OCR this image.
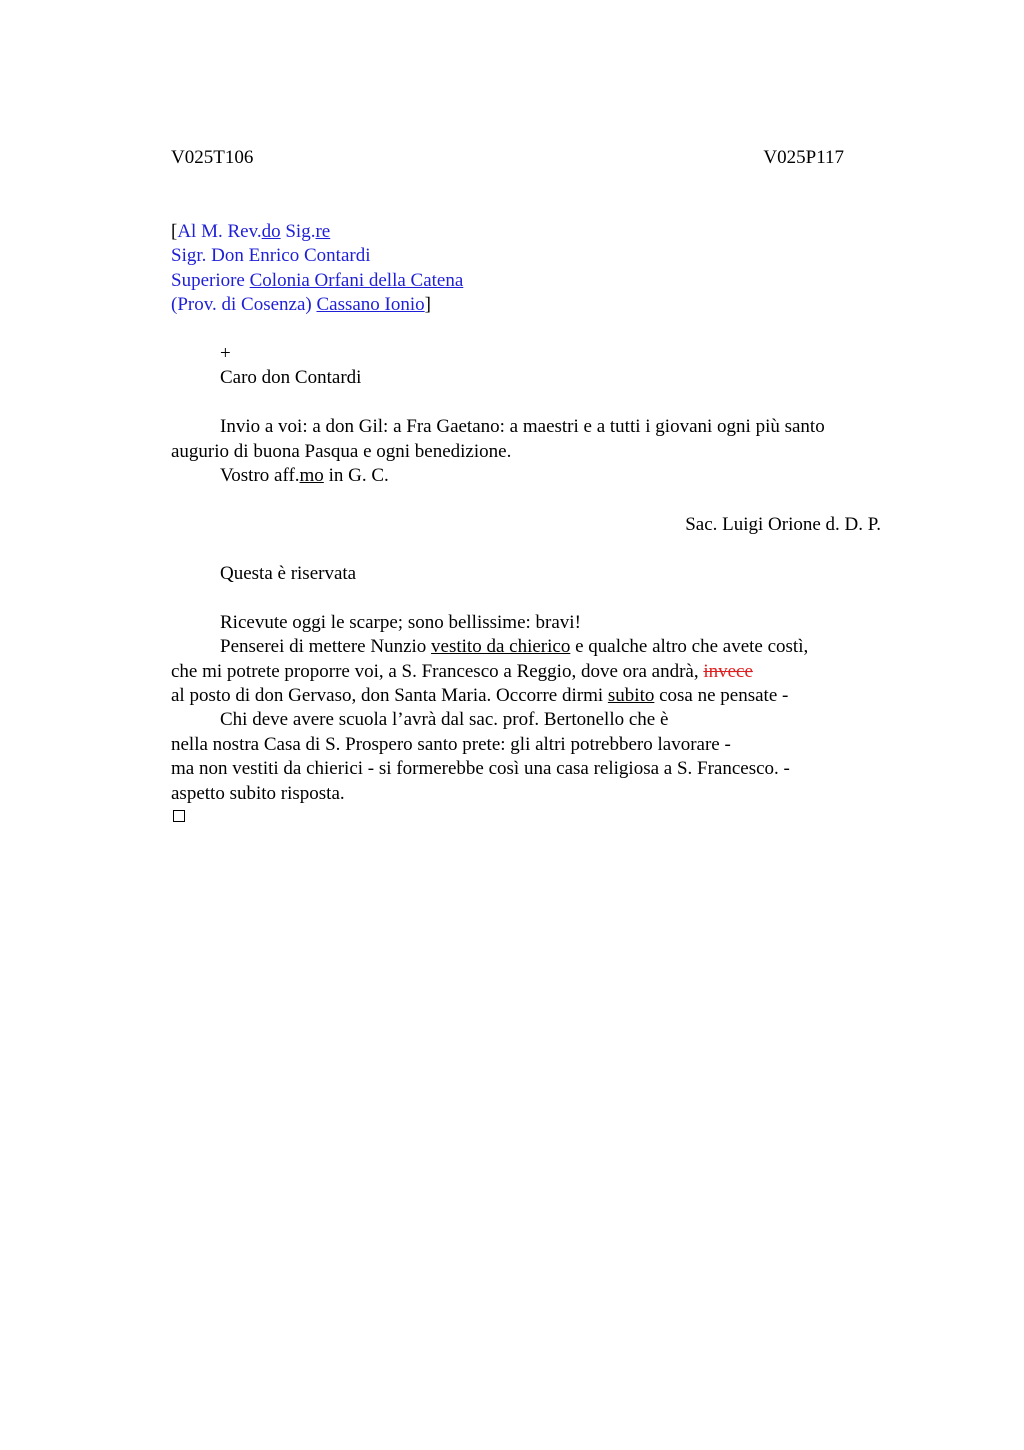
V025T106	V025P117
[Al M. Rev.do Sig.re
Sigr. Don Enrico Contardi
Superiore Colonia Orfani della Catena
(Prov. di Cosenza) Cassano Ionio]
+
Caro don Contardi
Invio a voi: a don Gil: a Fra Gaetano: a maestri e a tutti i giovani ogni più santo
augurio di buona Pasqua e ogni benedizione.
Vostro aff.mo in G. C.
Sac. Luigi Orione d. D. P.
Questa è riservata
Ricevute oggi le scarpe; sono bellissime: bravi!
Penserei di mettere Nunzio vestito da chierico e qualche altro che avete costì,
che mi potrete proporre voi, a S. Francesco a Reggio, dove ora andrà, invece
al posto di don Gervaso, don Santa Maria. Occorre dirmi subito cosa ne pensate -
Chi deve avere scuola l’avrà dal sac. prof. Bertonello che è
nella nostra Casa di S. Prospero santo prete: gli altri potrebbero lavorare -
ma non vestiti da chierici - si formerebbe così una casa religiosa a S. Francesco. -
aspetto subito risposta.
